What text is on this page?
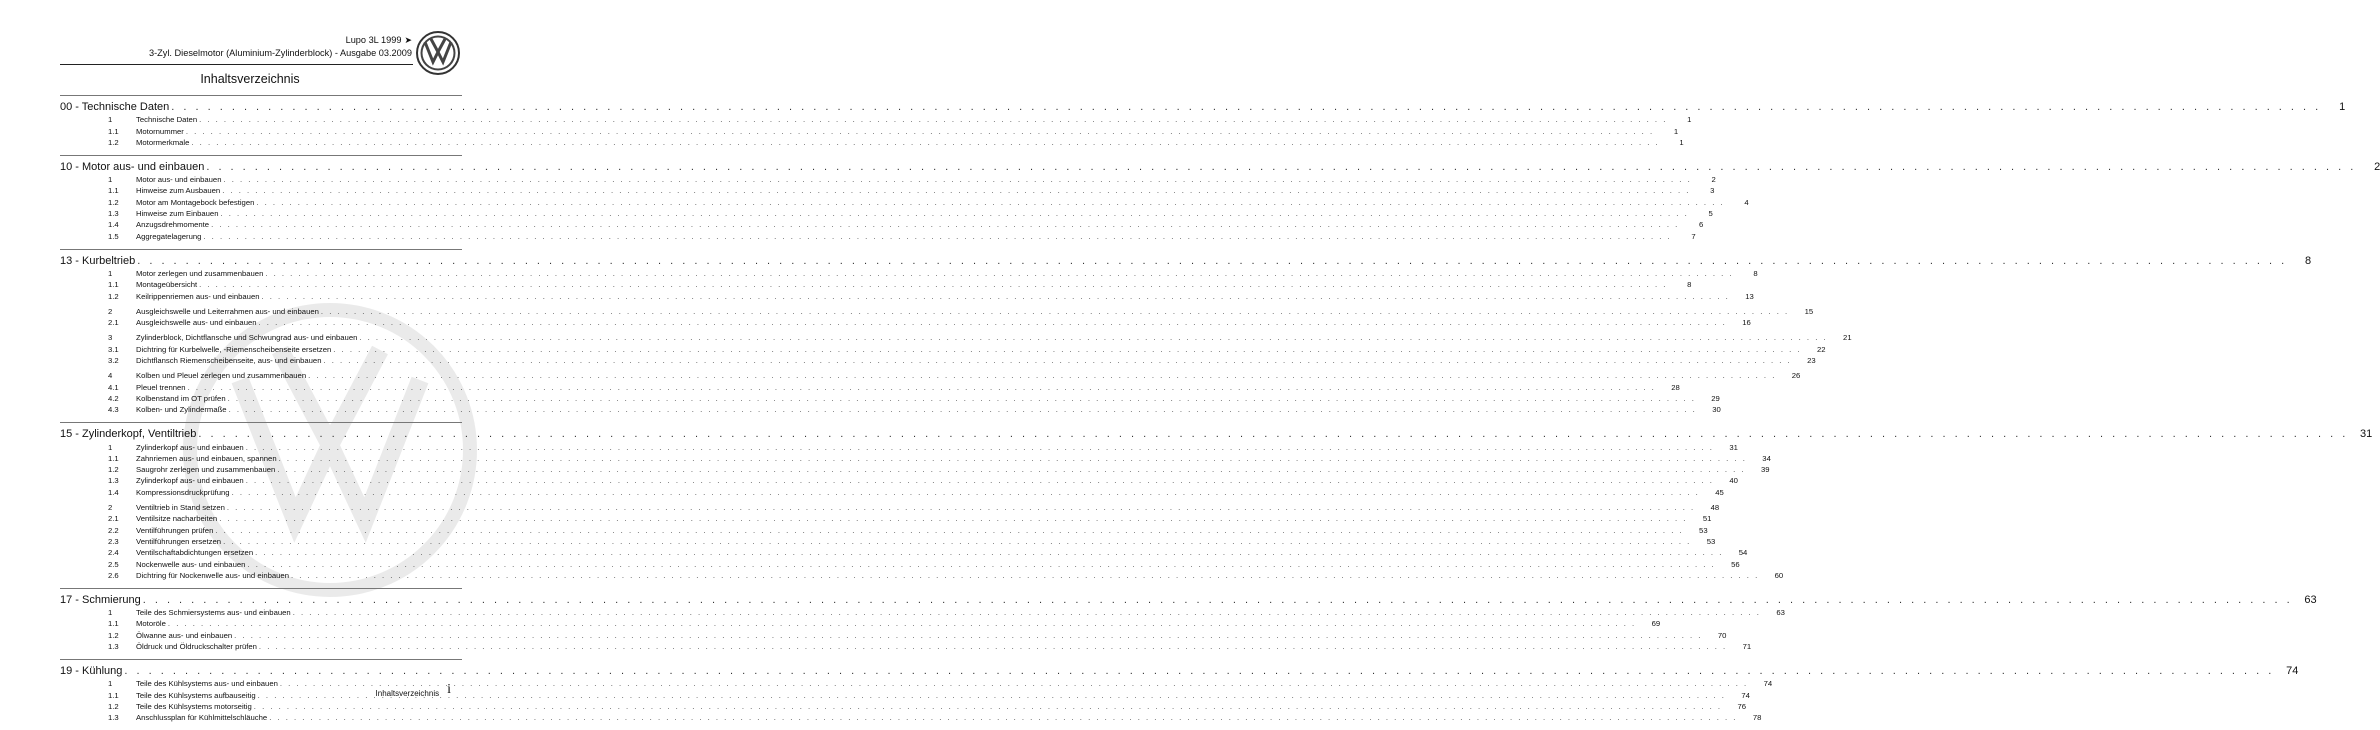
Lupo 3L 1999 ➤
3-Zyl. Dieselmotor (Aluminium-Zylinderblock) - Ausgabe 03.2009
Inhaltsverzeichnis
00 - Technische Daten . . .	1
1	Technische Daten . . .	1
1.1	Motornummer . . .	1
1.2	Motormerkmale . . .	1
10 - Motor aus- und einbauen . . .	2
1	Motor aus- und einbauen . . .	2
1.1	Hinweise zum Ausbauen . . .	3
1.2	Motor am Montagebock befestigen . . .	4
1.3	Hinweise zum Einbauen . . .	5
1.4	Anzugsdrehmomente . . .	6
1.5	Aggregatelagerung . . .	7
13 - Kurbeltrieb . . .	8
1	Motor zerlegen und zusammenbauen . . .	8
1.1	Montageübersicht . . .	8
1.2	Keilrippenriemen aus- und einbauen . . .	13
2	Ausgleichswelle und Leiterrahmen aus- und einbauen . . .	15
2.1	Ausgleichswelle aus- und einbauen . . .	16
3	Zylinderblock, Dichtflansche und Schwungrad aus- und einbauen . . .	21
3.1	Dichtring für Kurbelwelle, -Riemenscheibenseite ersetzen . . .	22
3.2	Dichtflansch Riemenscheibenseite, aus- und einbauen . . .	23
4	Kolben und Pleuel zerlegen und zusammenbauen . . .	26
4.1	Pleuel trennen . . .	28
4.2	Kolbenstand im OT prüfen . . .	29
4.3	Kolben- und Zylindermaße . . .	30
15 - Zylinderkopf, Ventiltrieb . . .	31
1	Zylinderkopf aus- und einbauen . . .	31
1.1	Zahnriemen aus- und einbauen, spannen . . .	34
1.2	Saugrohr zerlegen und zusammenbauen . . .	39
1.3	Zylinderkopf aus- und einbauen . . .	40
1.4	Kompressionsdruckprüfung . . .	45
2	Ventiltrieb in Stand setzen . . .	48
2.1	Ventilsitze nacharbeiten . . .	51
2.2	Ventilführungen prüfen . . .	53
2.3	Ventilführungen ersetzen . . .	53
2.4	Ventilschaftabdichtungen ersetzen . . .	54
2.5	Nockenwelle aus- und einbauen . . .	56
2.6	Dichtring für Nockenwelle aus- und einbauen . . .	60
17 - Schmierung . . .	63
1	Teile des Schmiersystems aus- und einbauen . . .	63
1.1	Motoröle . . .	69
1.2	Ölwanne aus- und einbauen . . .	70
1.3	Öldruck und Öldruckschalter prüfen . . .	71
19 - Kühlung . . .	74
1	Teile des Kühlsystems aus- und einbauen . . .	74
1.1	Teile des Kühlsystems aufbauseitig . . .	74
1.2	Teile des Kühlsystems motorseitig . . .	76
1.3	Anschlussplan für Kühlmittelschläuche . . .	78
Inhaltsverzeichnis i
